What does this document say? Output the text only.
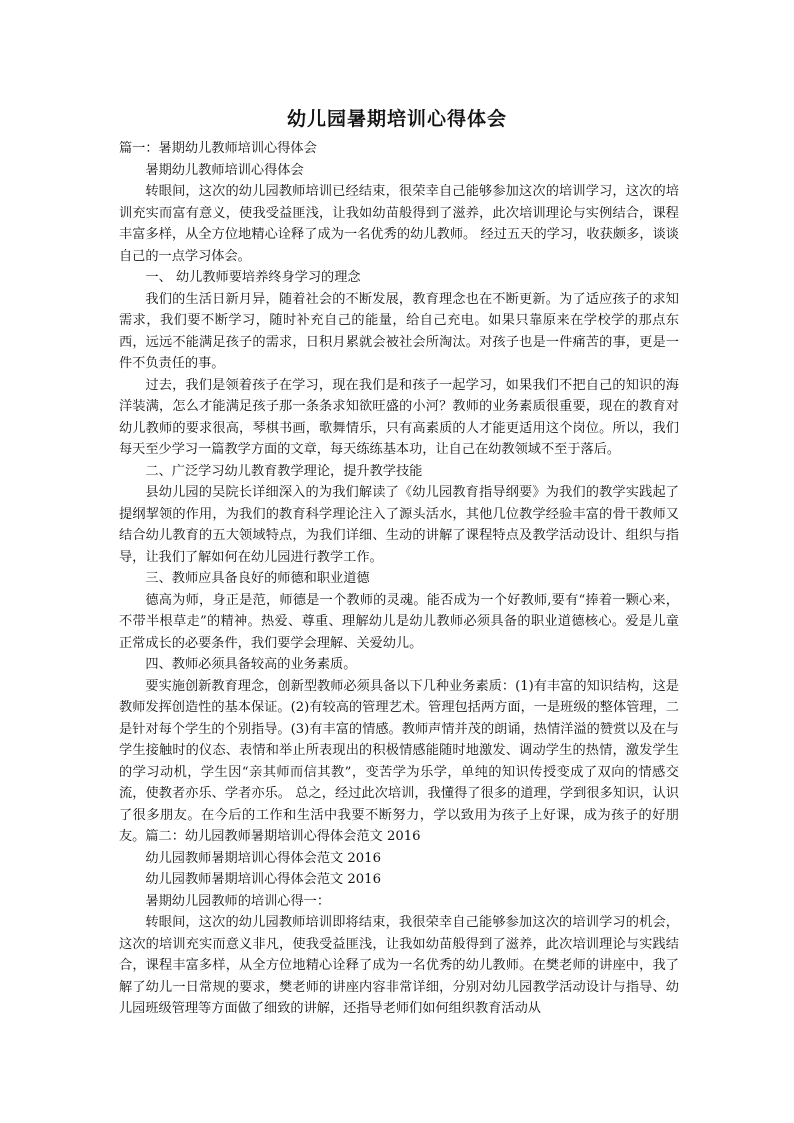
幼儿园暑期培训心得体会

篇一：暑期幼儿教师培训心得体会

暑期幼儿教师培训心得体会

转眼间，这次的幼儿园教师培训已经结束，很荣幸自己能够参加这次的培训学习，这次的培训充实而富有意义，使我受益匪浅，让我如幼苗般得到了滋养，此次培训理论与实例结合，课程丰富多样，从全方位地精心诠释了成为一名优秀的幼儿教师。 经过五天的学习，收获颇多，谈谈自己的一点学习体会。

一、 幼儿教师要培养终身学习的理念

我们的生活日新月异，随着社会的不断发展，教育理念也在不断更新。为了适应孩子的求知需求，我们要不断学习，随时补充自己的能量，给自己充电。如果只靠原来在学校学的那点东西，远远不能满足孩子的需求，日积月累就会被社会所淘汰。对孩子也是一件痛苦的事，更是一件不负责任的事。

过去，我们是领着孩子在学习，现在我们是和孩子一起学习，如果我们不把自己的知识的海洋装满，怎么才能满足孩子那一条条求知欲旺盛的小河？教师的业务素质很重要，现在的教育对幼儿教师的要求很高，琴棋书画，歌舞情乐，只有高素质的人才能更适用这个岗位。所以，我们每天至少学习一篇教学方面的文章，每天练练基本功，让自己在幼教领域不至于落后。

二、广泛学习幼儿教育教学理论，提升教学技能

县幼儿园的吴院长详细深入的为我们解读了《幼儿园教育指导纲要》为我们的教学实践起了提纲挈领的作用，为我们的教育科学理论注入了源头活水，其他几位教学经验丰富的骨干教师又结合幼儿教育的五大领域特点，为我们详细、生动的讲解了课程特点及教学活动设计、组织与指导，让我们了解如何在幼儿园进行教学工作。

三、教师应具备良好的师德和职业道德

德高为师，身正是范，师德是一个教师的灵魂。能否成为一个好教师,要有“捧着一颗心来，不带半根草走”的精神。热爱、尊重、理解幼儿是幼儿教师必须具备的职业道德核心。爱是儿童正常成长的必要条件，我们要学会理解、关爱幼儿。

四、教师必须具备较高的业务素质。

要实施创新教育理念，创新型教师必须具备以下几种业务素质：(1)有丰富的知识结构，这是教师发挥创造性的基本保证。(2)有较高的管理艺术。管理包括两方面，一是班级的整体管理，二是针对每个学生的个别指导。(3)有丰富的情感。教师声情并茂的朗诵，热情洋溢的赞赏以及在与学生接触时的仪态、表情和举止所表现出的积极情感能随时地激发、调动学生的热情，激发学生的学习动机，学生因“亲其师而信其教”，变苦学为乐学，单纯的知识传授变成了双向的情感交流，使教者亦乐、学者亦乐。 总之，经过此次培训，我懂得了很多的道理，学到很多知识，认识了很多朋友。在今后的工作和生活中我要不断努力，学以致用为孩子上好课，成为孩子的好朋友。篇二：幼儿园教师暑期培训心得体会范文 2016

幼儿园教师暑期培训心得体会范文 2016

幼儿园教师暑期培训心得体会范文 2016

暑期幼儿园教师的培训心得一：

转眼间，这次的幼儿园教师培训即将结束，我很荣幸自己能够参加这次的培训学习的机会，这次的培训充实而意义非凡，使我受益匪浅，让我如幼苗般得到了滋养，此次培训理论与实践结合，课程丰富多样，从全方位地精心诠释了成为一名优秀的幼儿教师。在樊老师的讲座中，我了解了幼儿一日常规的要求，樊老师的讲座内容非常详细，分别对幼儿园教学活动设计与指导、幼儿园班级管理等方面做了细致的讲解，还指导老师们如何组织教育活动从
